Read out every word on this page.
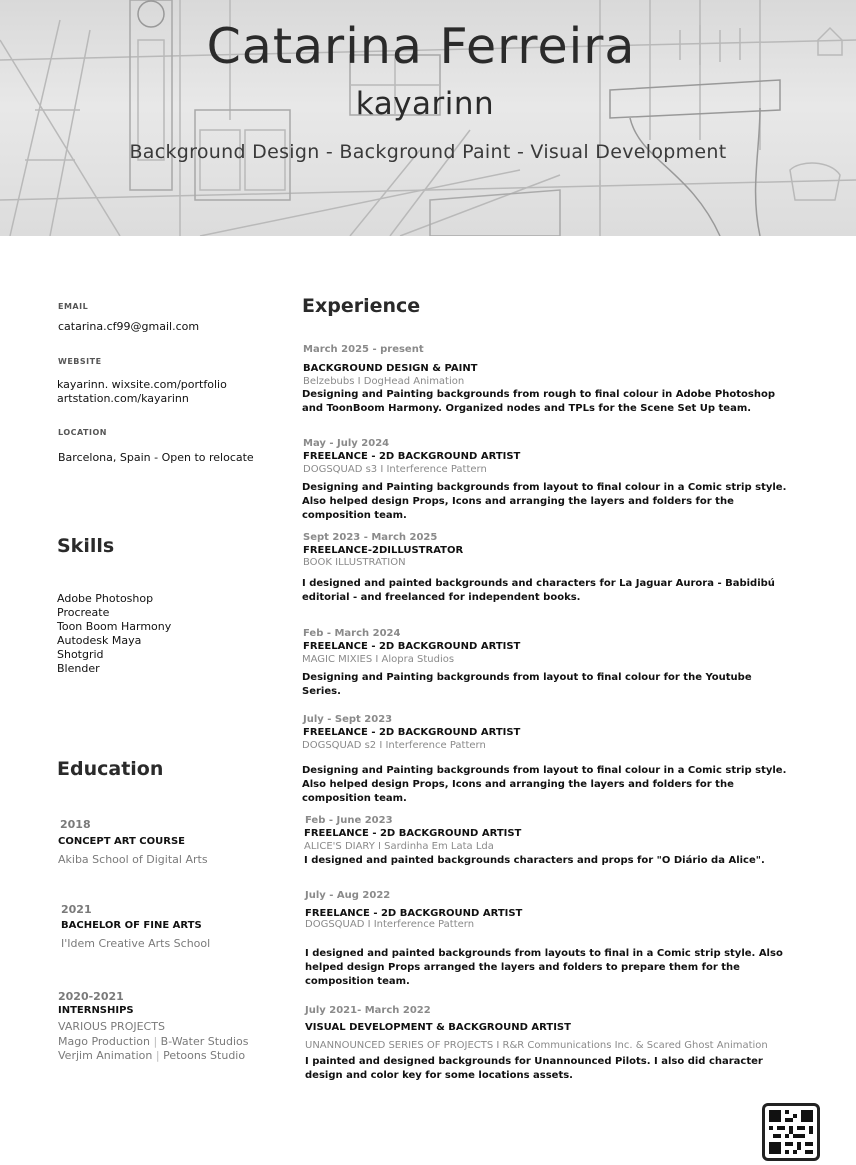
Catarina Ferreira
kayarinn
Background Design - Background Paint - Visual Development
EMAIL
catarina.cf99@gmail.com
WEBSITE
kayarinn. wixsite.com/portfolio
artstation.com/kayarinn
LOCATION
Barcelona, Spain - Open to relocate
Skills
Adobe Photoshop
Procreate
Toon Boom Harmony
Autodesk Maya
Shotgrid
Blender
Education
2018
CONCEPT ART COURSE
Akiba School of Digital Arts
2021
BACHELOR OF FINE ARTS
I'Idem Creative Arts School
2020-2021
INTERNSHIPS
VARIOUS PROJECTS
Mago Production | B-Water Studios
Verjim Animation | Petoons Studio
Experience
March 2025 - present
BACKGROUND DESIGN & PAINT
Belzebubs I DogHead Animation
Designing and Painting backgrounds from rough to final colour in Adobe Photoshop and ToonBoom Harmony. Organized nodes and TPLs for the Scene Set Up team.
May - July 2024
FREELANCE - 2D BACKGROUND ARTIST
DOGSQUAD s3 I Interference Pattern
Designing and Painting backgrounds from layout to final colour in a Comic strip style. Also helped design Props, Icons and arranging the layers and folders for the composition team.
Sept 2023 - March 2025
FREELANCE-2DILLUSTRATOR
BOOK ILLUSTRATION
I designed and painted backgrounds and characters for La Jaguar Aurora - Babidibú editorial - and freelanced for independent books.
Feb - March 2024
FREELANCE - 2D BACKGROUND ARTIST
MAGIC MIXIES I Alopra Studios
Designing and Painting backgrounds from layout to final colour for the Youtube Series.
July - Sept 2023
FREELANCE - 2D BACKGROUND ARTIST
DOGSQUAD s2 I Interference Pattern
Designing and Painting backgrounds from layout to final colour in a Comic strip style. Also helped design Props, Icons and arranging the layers and folders for the composition team.
Feb - June 2023
FREELANCE - 2D BACKGROUND ARTIST
ALICE'S DIARY I Sardinha Em Lata Lda
I designed and painted backgrounds characters and props for "O Diário da Alice".
July - Aug 2022
FREELANCE - 2D BACKGROUND ARTIST
DOGSQUAD I Interference Pattern
I designed and painted backgrounds from layouts to final in a Comic strip style. Also helped design Props arranged the layers and folders to prepare them for the composition team.
July 2021- March 2022
VISUAL DEVELOPMENT & BACKGROUND ARTIST
UNANNOUNCED SERIES OF PROJECTS I R&R Communications Inc. & Scared Ghost Animation
I painted and designed backgrounds for Unannounced Pilots. I also did character design and color key for some locations assets.
